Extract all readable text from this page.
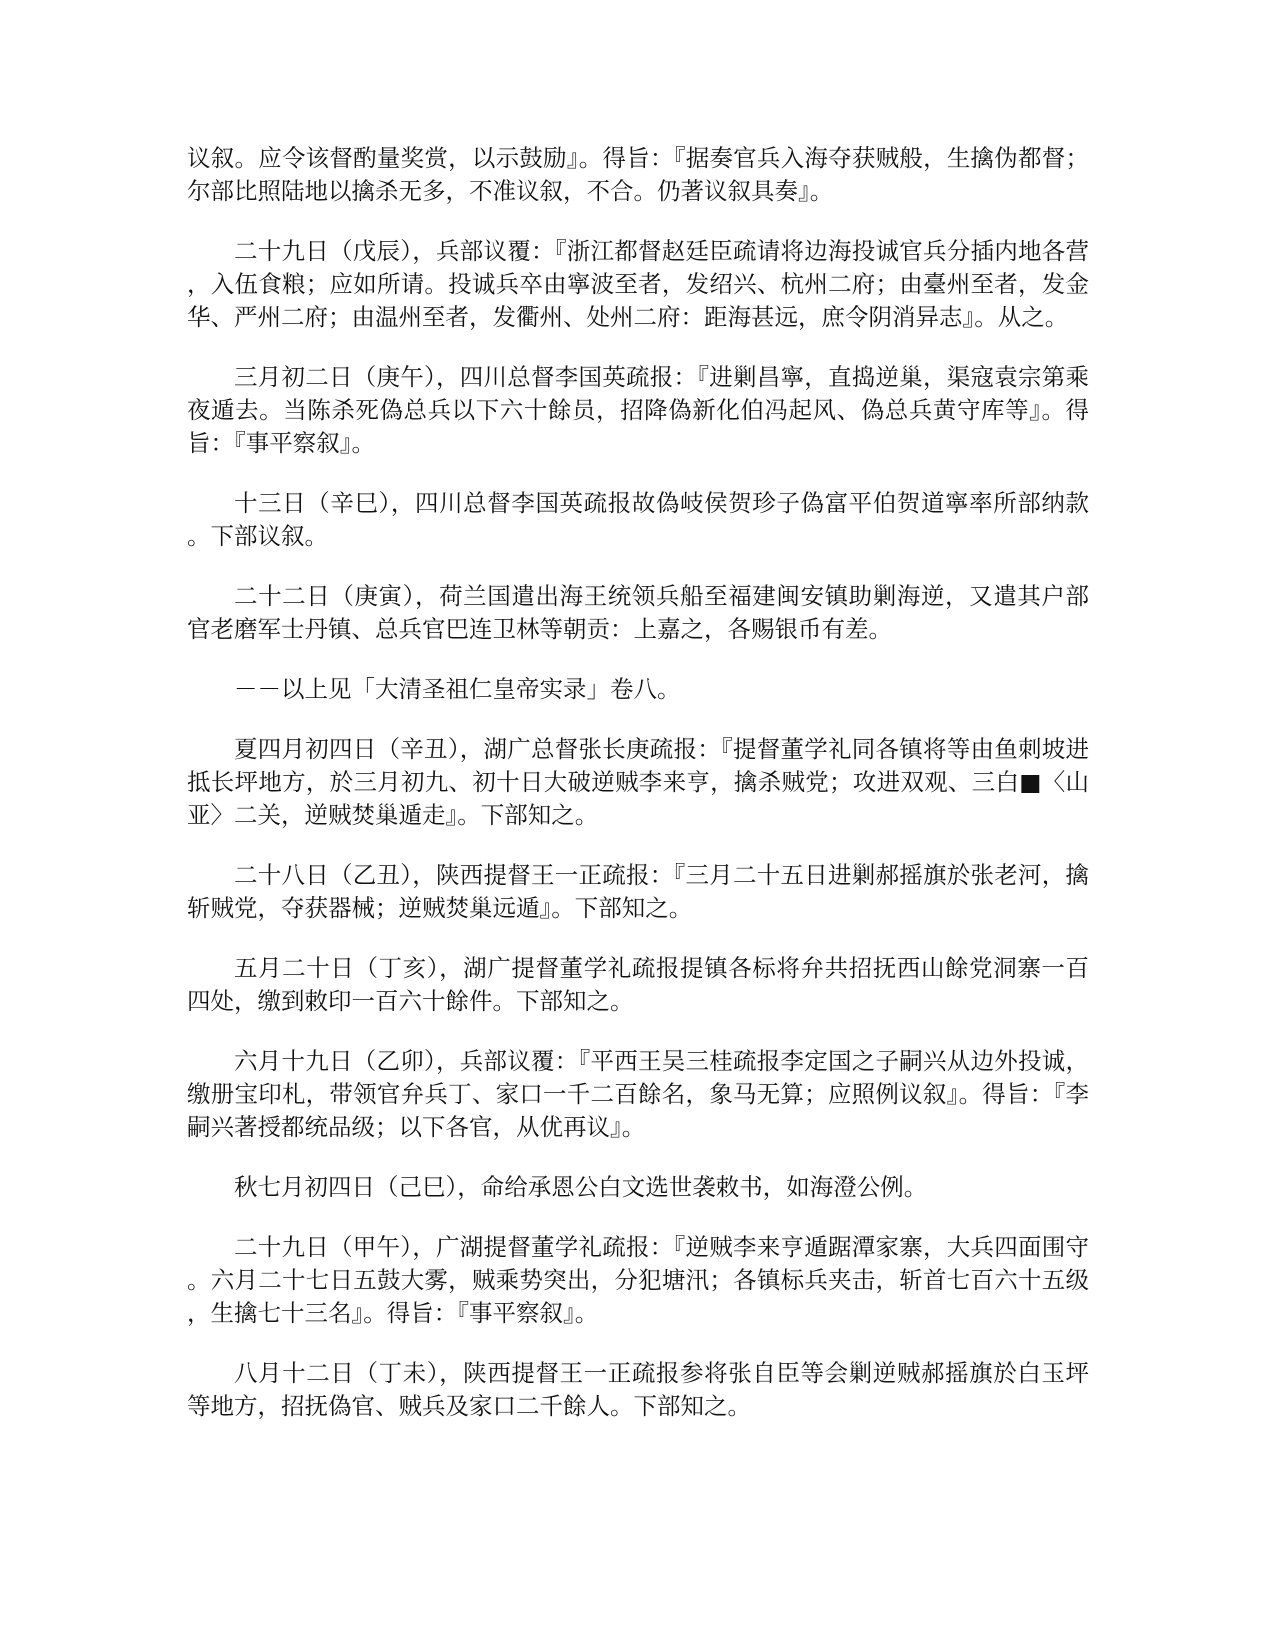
议叙。应令该督酌量奖赏，以示鼓励』。得旨：『据奏官兵入海夺获贼般，生擒伪都督；尔部比照陆地以擒杀无多，不准议叙，不合。仍著议叙具奏』。

二十九日（戊辰），兵部议覆：『浙江都督赵廷臣疏请将边海投诚官兵分插内地各营，入伍食粮；应如所请。投诚兵卒由寧波至者，发绍兴、杭州二府；由臺州至者，发金华、严州二府；由温州至者，发衢州、处州二府：距海甚远，庶令阴消异志』。从之。

三月初二日（庚午），四川总督李国英疏报：『进剿昌寧，直捣逆巢，渠寇袁宗第乘夜遁去。当陈杀死偽总兵以下六十餘员，招降偽新化伯冯起风、偽总兵黄守库等』。得旨：『事平察叙』。

十三日（辛巳），四川总督李国英疏报故偽岐侯贺珍子偽富平伯贺道寧率所部纳款。下部议叙。

二十二日（庚寅），荷兰国遣出海王统领兵船至福建闽安镇助剿海逆，又遣其户部官老磨军士丹镇、总兵官巴连卫林等朝贡：上嘉之，各赐银币有差。

－－以上见「大清圣祖仁皇帝实录」卷八。

夏四月初四日（辛丑），湖广总督张长庚疏报：『提督董学礼同各镇将等由鱼刺坡进抵长坪地方，於三月初九、初十日大破逆贼李来亨，擒杀贼党；攻进双观、三白■〈山亚〉二关，逆贼焚巢遁走』。下部知之。

二十八日（乙丑），陕西提督王一正疏报：『三月二十五日进剿郝摇旗於张老河，擒斩贼党，夺获器械；逆贼焚巢远遁』。下部知之。

五月二十日（丁亥），湖广提督董学礼疏报提镇各标将弁共招抚西山餘党洞寨一百四处，缴到敕印一百六十餘件。下部知之。

六月十九日（乙卯），兵部议覆：『平西王吴三桂疏报李定国之子嗣兴从边外投诚，缴册宝印札，带领官弁兵丁、家口一千二百餘名，象马无算；应照例议叙』。得旨：『李嗣兴著授都统品级；以下各官，从优再议』。

秋七月初四日（己巳），命给承恩公白文选世袭敕书，如海澄公例。

二十九日（甲午），广湖提督董学礼疏报：『逆贼李来亨遁踞潭家寨，大兵四面围守。六月二十七日五鼓大雾，贼乘势突出，分犯塘汛；各镇标兵夹击，斩首七百六十五级，生擒七十三名』。得旨：『事平察叙』。

八月十二日（丁未），陕西提督王一正疏报参将张自臣等会剿逆贼郝摇旗於白玉坪等地方，招抚偽官、贼兵及家口二千餘人。下部知之。
